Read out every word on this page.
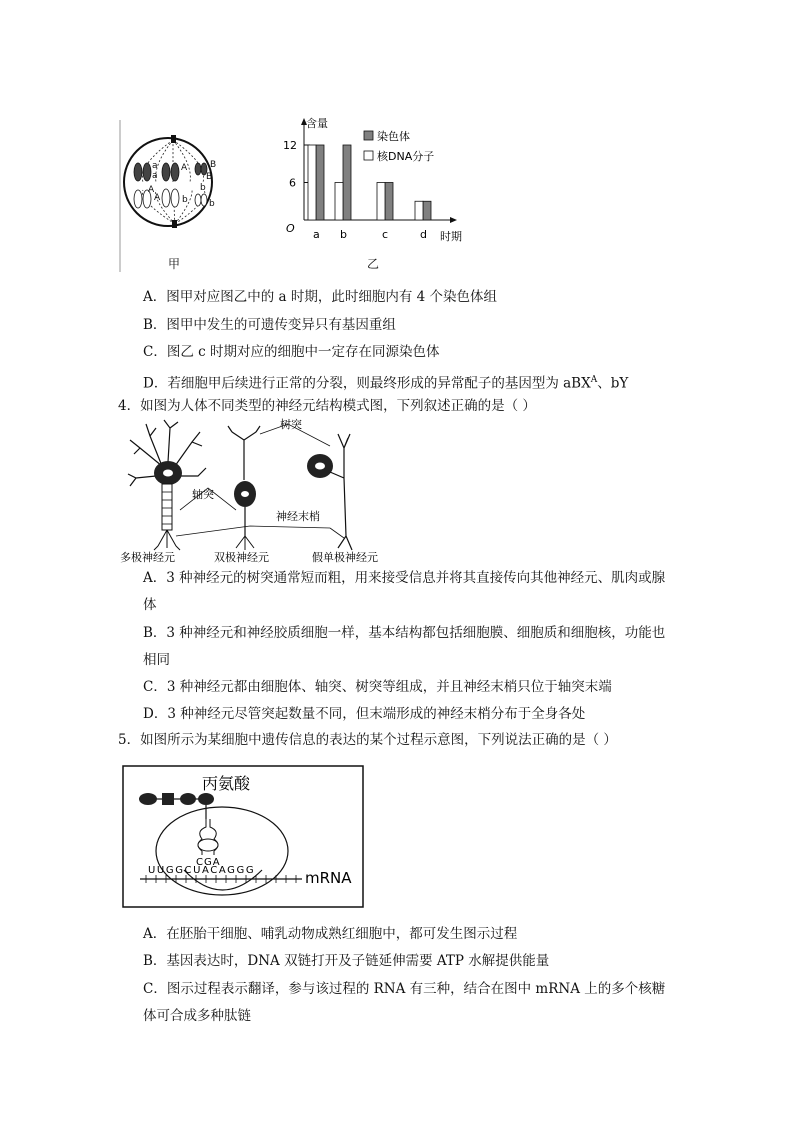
a
a
A
A
B
B
b
b
A b
甲
含量
O
时期
6
12
a b	c	d
染色体
核DNA分子
乙
A．图甲对应图乙中的 a 时期，此时细胞内有 4 个染色体组
B．图甲中发生的可遗传变异只有基因重组
C．图乙 c 时期对应的细胞中一定存在同源染色体
D．若细胞甲后续进行正常的分裂，则最终形成的异常配子的基因型为 aBX$^A$、bY
4．如图为人体不同类型的神经元结构模式图，下列叙述正确的是（ ）
树突
轴突
神经末梢
多极神经元	双极神经元	假单极神经元
A．3 种神经元的树突通常短而粗，用来接受信息并将其直接传向其他神经元、肌肉或腺
体
B．3 种神经元和神经胶质细胞一样，基本结构都包括细胞膜、细胞质和细胞核，功能也
相同
C．3 种神经元都由细胞体、轴突、树突等组成，并且神经末梢只位于轴突末端
D．3 种神经元尽管突起数量不同，但末端形成的神经末梢分布于全身各处
5．如图所示为某细胞中遗传信息的表达的某个过程示意图，下列说法正确的是（ ）
丙氨酸
CGA
UUGGCUACAGGG	mRNA
A．在胚胎干细胞、哺乳动物成熟红细胞中，都可发生图示过程
B．基因表达时，DNA 双链打开及子链延伸需要 ATP 水解提供能量
C．图示过程表示翻译，参与该过程的 RNA 有三种，结合在图中 mRNA 上的多个核糖
体可合成多种肽链
